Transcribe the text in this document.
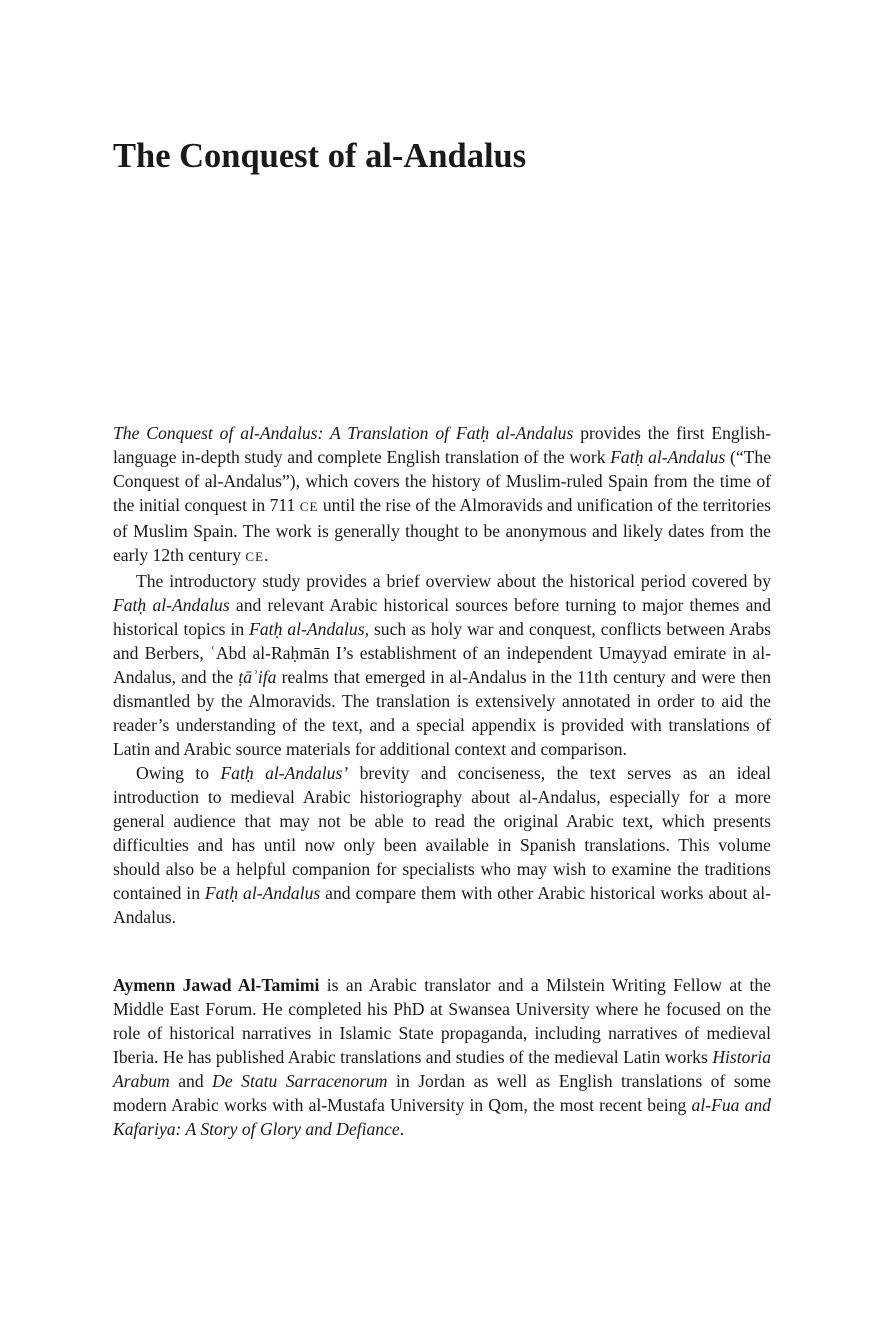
The Conquest of al-Andalus

The Conquest of al-Andalus: A Translation of Fatḥ al-Andalus provides the first English-language in-depth study and complete English translation of the work Fatḥ al-Andalus (“The Conquest of al-Andalus”), which covers the history of Muslim-ruled Spain from the time of the initial conquest in 711 CE until the rise of the Almoravids and unification of the territories of Muslim Spain. The work is generally thought to be anonymous and likely dates from the early 12th century CE.

The introductory study provides a brief overview about the historical period covered by Fatḥ al-Andalus and relevant Arabic historical sources before turning to major themes and historical topics in Fatḥ al-Andalus, such as holy war and conquest, conflicts between Arabs and Berbers, ʿAbd al-Raḥmān I’s establishment of an independent Umayyad emirate in al-Andalus, and the ṭāʾifa realms that emerged in al-Andalus in the 11th century and were then dismantled by the Almoravids. The translation is extensively annotated in order to aid the reader’s understanding of the text, and a special appendix is provided with translations of Latin and Arabic source materials for additional context and comparison.

Owing to Fatḥ al-Andalus’ brevity and conciseness, the text serves as an ideal introduction to medieval Arabic historiography about al-Andalus, especially for a more general audience that may not be able to read the original Arabic text, which presents difficulties and has until now only been available in Spanish translations. This volume should also be a helpful companion for specialists who may wish to examine the traditions contained in Fatḥ al-Andalus and compare them with other Arabic historical works about al-Andalus.

Aymenn Jawad Al-Tamimi is an Arabic translator and a Milstein Writing Fellow at the Middle East Forum. He completed his PhD at Swansea University where he focused on the role of historical narratives in Islamic State propaganda, including narratives of medieval Iberia. He has published Arabic translations and studies of the medieval Latin works Historia Arabum and De Statu Sarracenorum in Jordan as well as English translations of some modern Arabic works with al-Mustafa University in Qom, the most recent being al-Fua and Kafariya: A Story of Glory and Defiance.
